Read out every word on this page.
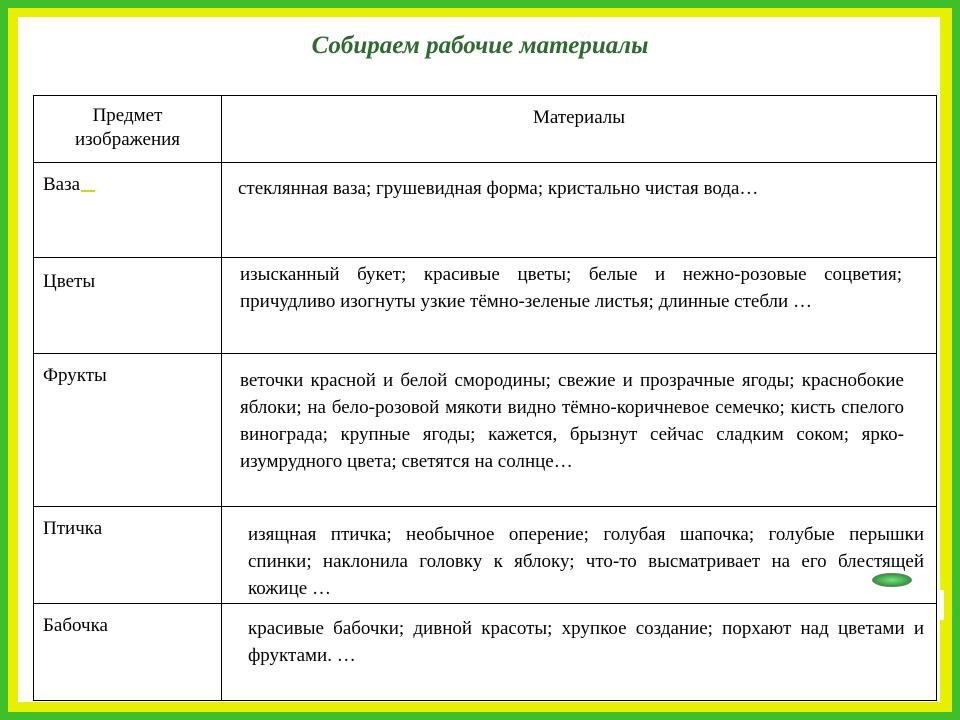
Собираем рабочие материалы
Предмет изображения	Материалы
Ваза	стеклянная ваза; грушевидная форма; кристально чистая вода…

Цветы	изысканный букет; красивые цветы; белые и нежно-розовые соцветия; причудливо изогнуты узкие тёмно-зеленые листья; длинные стебли …

Фрукты	веточки красной и белой смородины; свежие и прозрачные ягоды; краснобокие яблоки; на бело-розовой мякоти видно тёмно-коричневое семечко; кисть спелого винограда; крупные ягоды; кажется, брызнут сейчас сладким соком; ярко-изумрудного цвета; светятся на солнце…

Птичка	изящная птичка; необычное оперение; голубая шапочка; голубые перышки спинки; наклонила головку к яблоку; что-то высматривает на его блестящей кожице …

Бабочка	красивые бабочки; дивной красоты; хрупкое создание; порхают над цветами и фруктами. …
